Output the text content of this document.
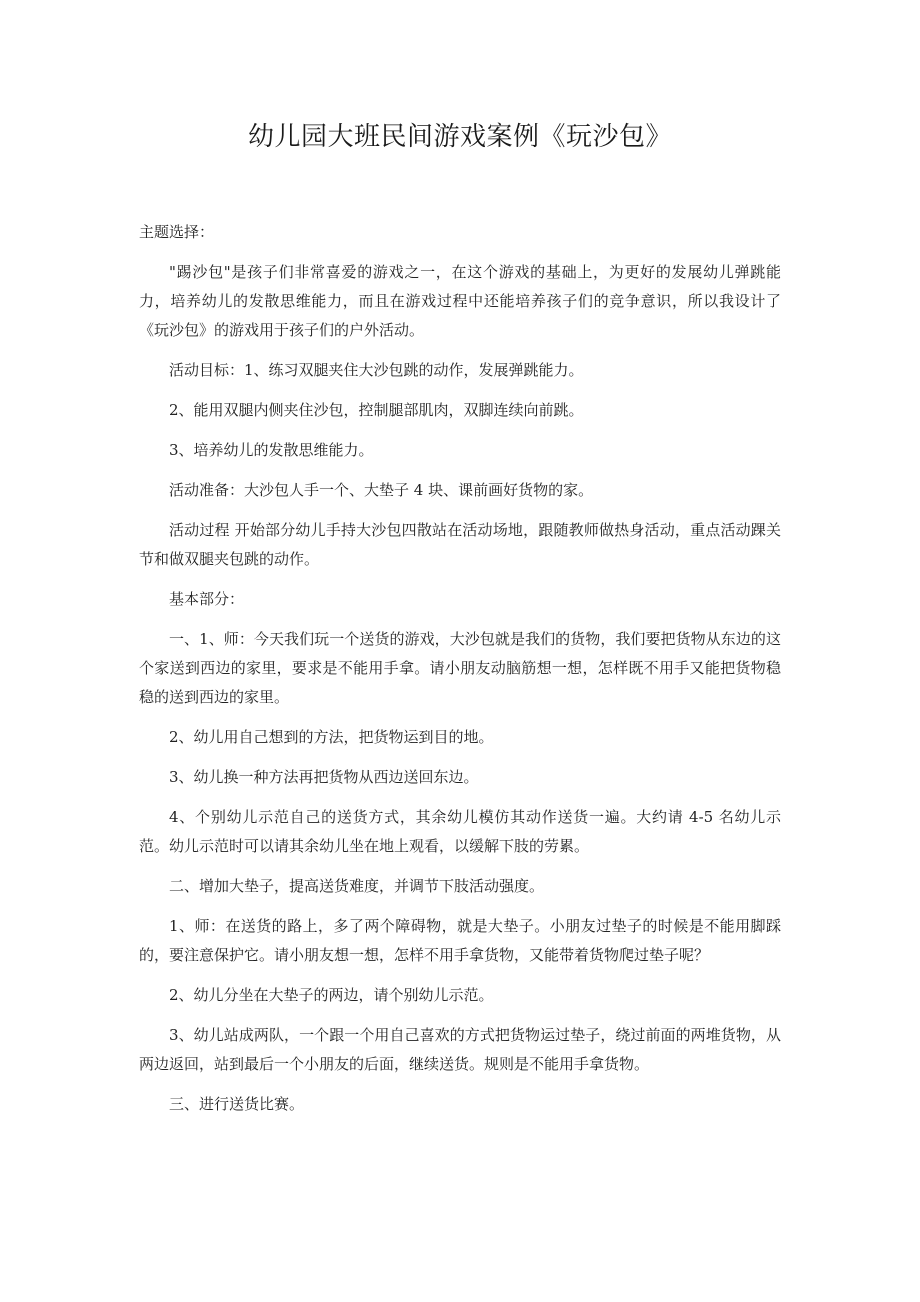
幼儿园大班民间游戏案例《玩沙包》

主题选择：

"踢沙包"是孩子们非常喜爱的游戏之一，在这个游戏的基础上，为更好的发展幼儿弹跳能力，培养幼儿的发散思维能力，而且在游戏过程中还能培养孩子们的竞争意识，所以我设计了《玩沙包》的游戏用于孩子们的户外活动。

活动目标：1、练习双腿夹住大沙包跳的动作，发展弹跳能力。

2、能用双腿内侧夹住沙包，控制腿部肌肉，双脚连续向前跳。

3、培养幼儿的发散思维能力。

活动准备：大沙包人手一个、大垫子 4 块、课前画好货物的家。

活动过程 开始部分幼儿手持大沙包四散站在活动场地，跟随教师做热身活动，重点活动踝关节和做双腿夹包跳的动作。

基本部分：

一、1、师：今天我们玩一个送货的游戏，大沙包就是我们的货物，我们要把货物从东边的这个家送到西边的家里，要求是不能用手拿。请小朋友动脑筋想一想，怎样既不用手又能把货物稳稳的送到西边的家里。

2、幼儿用自己想到的方法，把货物运到目的地。

3、幼儿换一种方法再把货物从西边送回东边。

4、个别幼儿示范自己的送货方式，其余幼儿模仿其动作送货一遍。大约请 4-5 名幼儿示范。幼儿示范时可以请其余幼儿坐在地上观看，以缓解下肢的劳累。

二、增加大垫子，提高送货难度，并调节下肢活动强度。

1、师：在送货的路上，多了两个障碍物，就是大垫子。小朋友过垫子的时候是不能用脚踩的，要注意保护它。请小朋友想一想，怎样不用手拿货物，又能带着货物爬过垫子呢？

2、幼儿分坐在大垫子的两边，请个别幼儿示范。

3、幼儿站成两队，一个跟一个用自己喜欢的方式把货物运过垫子，绕过前面的两堆货物，从两边返回，站到最后一个小朋友的后面，继续送货。规则是不能用手拿货物。

三、进行送货比赛。
